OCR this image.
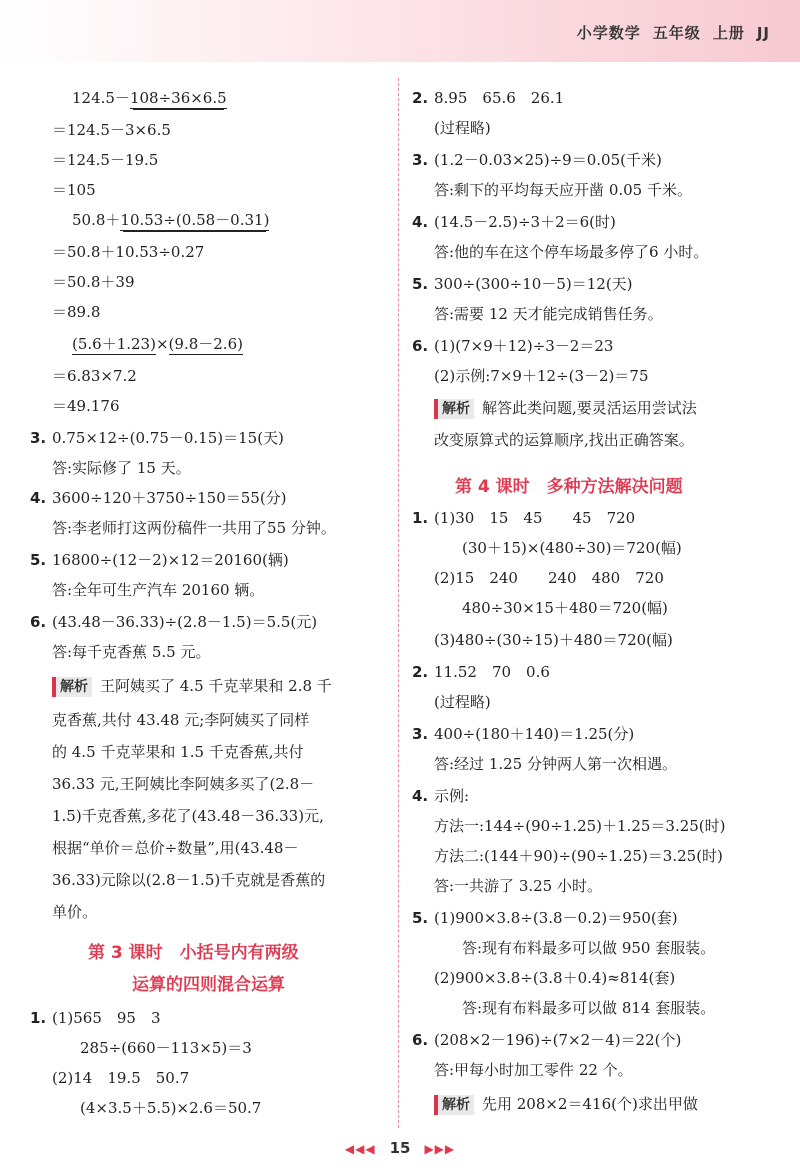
小学数学 五年级 上册 JJ
124.5－108÷36×6.5
＝124.5－3×6.5
＝124.5－19.5
＝105
50.8＋10.53÷(0.58－0.31)
＝50.8＋10.53÷0.27
＝50.8＋39
＝89.8
(5.6＋1.23)×(9.8－2.6)
＝6.83×7.2
＝49.176
3. 0.75×12÷(0.75－0.15)＝15(天)
答:实际修了 15 天。
4. 3600÷120＋3750÷150＝55(分)
答:李老师打这两份稿件一共用了55 分钟。
5. 16800÷(12－2)×12＝20160(辆)
答:全年可生产汽车 20160 辆。
6. (43.48－36.33)÷(2.8－1.5)＝5.5(元)
答:每千克香蕉 5.5 元。
解析 王阿姨买了 4.5 千克苹果和 2.8 千
克香蕉,共付 43.48 元;李阿姨买了同样
的 4.5 千克苹果和 1.5 千克香蕉,共付
36.33 元,王阿姨比李阿姨多买了(2.8－
1.5)千克香蕉,多花了(43.48－36.33)元,
根据“单价＝总价÷数量”,用(43.48－
36.33)元除以(2.8－1.5)千克就是香蕉的
单价。
第 3 课时　小括号内有两级
运算的四则混合运算
1. (1)565　95　3
285÷(660－113×5)＝3
(2)14　19.5　50.7
(4×3.5＋5.5)×2.6＝50.7
2. 8.95　65.6　26.1
(过程略)
3. (1.2－0.03×25)÷9＝0.05(千米)
答:剩下的平均每天应开凿 0.05 千米。
4. (14.5－2.5)÷3＋2＝6(时)
答:他的车在这个停车场最多停了6 小时。
5. 300÷(300÷10－5)＝12(天)
答:需要 12 天才能完成销售任务。
6. (1)(7×9＋12)÷3－2＝23
(2)示例:7×9＋12÷(3－2)＝75
解析 解答此类问题,要灵活运用尝试法
改变原算式的运算顺序,找出正确答案。
第 4 课时　多种方法解决问题
1. (1)30　15　45　　45　720
(30＋15)×(480÷30)＝720(幅)
(2)15　240　　240　480　720
480÷30×15＋480＝720(幅)
(3)480÷(30÷15)＋480＝720(幅)
2. 11.52　70　0.6
(过程略)
3. 400÷(180＋140)＝1.25(分)
答:经过 1.25 分钟两人第一次相遇。
4. 示例:
方法一:144÷(90÷1.25)＋1.25＝3.25(时)
方法二:(144＋90)÷(90÷1.25)＝3.25(时)
答:一共游了 3.25 小时。
5. (1)900×3.8÷(3.8－0.2)＝950(套)
答:现有布料最多可以做 950 套服装。
(2)900×3.8÷(3.8＋0.4)≈814(套)
答:现有布料最多可以做 814 套服装。
6. (208×2－196)÷(7×2－4)＝22(个)
答:甲每小时加工零件 22 个。
解析 先用 208×2＝416(个)求出甲做
◀◀◀ 15 ▶▶▶
